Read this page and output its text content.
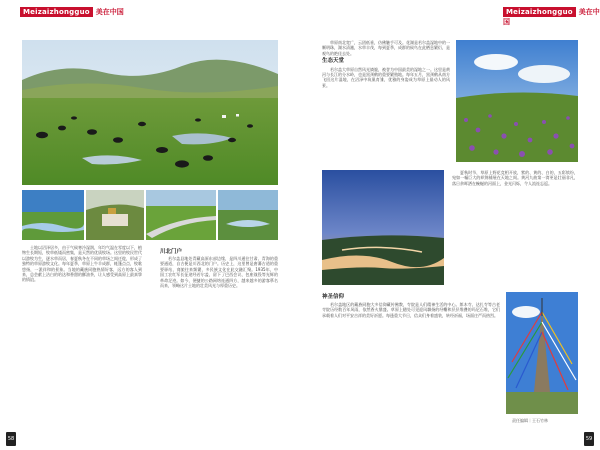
Meizaizhongguo 美在中国

土地以沼泽居多，由于气候寒冷湿润，年均气温在零度以下，植物生长期短，牧草低矮而密集，是天然的优质牧场。这里的牧民世代以游牧为生，逐水草而居，春夏秋冬在不同的草场之间迁徙，形成了独特的草原游牧文化。每年夏季，草原上牛羊成群，帐篷点点，牧歌悠扬，一派祥和的景象。当地的藏族同胞热情好客，远方的客人到来，总会献上洁白的哈达和香甜的酥油茶，让人感受到高原上最真挚的情谊。

川北门户

若尔盖县地处青藏高原东部边缘，是四川通往甘肃、青海的重要通道，自古便是川西北的门户。历史上，这里曾是唐蕃古道的重要驿站，商旅往来频繁，多民族文化在此交融汇聚。1935年，中国工农红军长征途经若尔盖，留下了巴西会议、包座战役等光辉的革命足迹。如今，便捷的公路网络连通四方，越来越多的游客慕名而来，领略这片土地的壮美风光与厚重历史。

58
Meizaizhongguo 美在中国

草原南北宽广，云团低垂，仿佛触手可及。花湖是若尔盖湿地中的一颗明珠，湖水清澈，水草丰茂，每到夏季，成群的候鸟在此栖息繁衍，是观鸟的绝佳去处。

生态天堂

若尔盖大草原自然风光旖旎，被誉为中国最美的湿地之一。这里是黄河与长江的分水岭，也是黑颈鹤的重要繁殖地。每年五月，黑颈鹤从南方飞回这片湿地，在沼泽中筑巢育雏，优雅的身姿成为草原上最动人的风景。

夏秋时节，草原上野花竞相开放，紫的、黄的、白的，五彩缤纷，宛如一幅巨大的织锦铺展在天地之间。黄河九曲第一湾更是壮丽非凡，落日余晖洒在蜿蜒的河面上，金光闪烁，令人流连忘返。

神圣信仰

若尔盖地区的藏族同胞大多信仰藏传佛教，寺院是人们精神生活的中心。郎木寺、达扎寺等古老寺院历经数百年风雨，依然香火鼎盛。草原上随处可见迎风飘扬的经幡和层层堆叠的玛尼石堆，它们承载着人们对平安吉祥的美好祈愿。每逢重大节日，信众们身着盛装，转经祈福，场面庄严而热烈。

责任编辑｜王石竹林
59
